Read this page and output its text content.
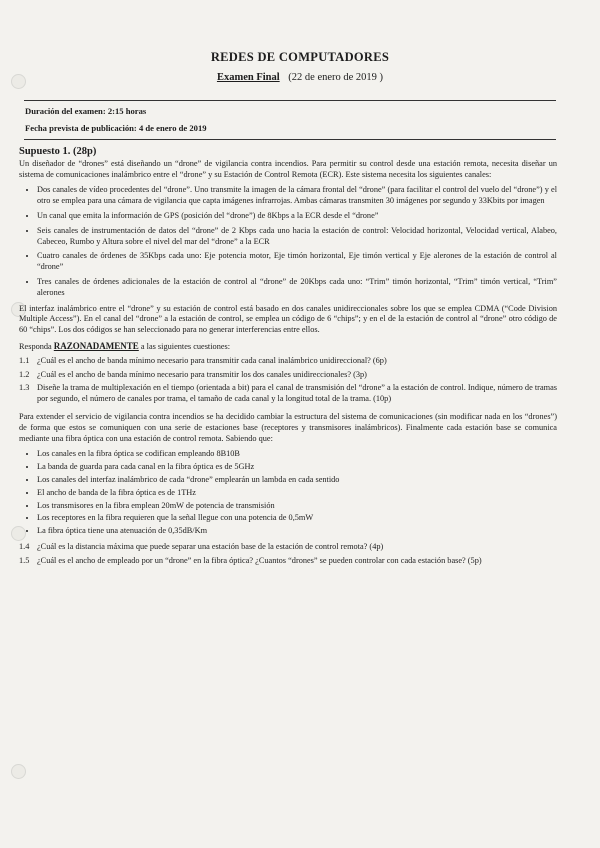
REDES DE COMPUTADORES
Examen Final (22 de enero de 2019 )
Duración del examen: 2:15 horas
Fecha prevista de publicación: 4 de enero de 2019
Supuesto 1. (28p)

Un diseñador de “drones” está diseñando un “drone” de vigilancia contra incendios. Para permitir su control desde una estación remota, necesita diseñar un sistema de comunicaciones inalámbrico entre el “drone” y su Estación de Control Remota (ECR). Este sistema necesita los siguientes canales:

• Dos canales de vídeo procedentes del “drone”. Uno transmite la imagen de la cámara frontal del “drone” (para facilitar el control del vuelo del “drone”) y el otro se emplea para una cámara de vigilancia que capta imágenes infrarrojas. Ambas cámaras transmiten 30 imágenes por segundo y 33Kbits por imagen
• Un canal que emita la información de GPS (posición del “drone”) de 8Kbps a la ECR desde el “drone”
• Seis canales de instrumentación de datos del “drone” de 2 Kbps cada uno hacia la estación de control: Velocidad horizontal, Velocidad vertical, Alabeo, Cabeceo, Rumbo y Altura sobre el nivel del mar del “drone” a la ECR
• Cuatro canales de órdenes de 35Kbps cada uno: Eje potencia motor, Eje timón horizontal, Eje timón vertical y Eje alerones de la estación de control al “drone”
• Tres canales de órdenes adicionales de la estación de control al “drone” de 20Kbps cada uno: “Trim” timón horizontal, “Trim” timón vertical, “Trim” alerones

El interfaz inalámbrico entre el “drone” y su estación de control está basado en dos canales unidireccionales sobre los que se emplea CDMA (“Code Division Multiple Access”). En el canal del “drone” a la estación de control, se emplea un código de 6 “chips”; y en el de la estación de control al “drone” otro código de 60 “chips”. Los dos códigos se han seleccionado para no generar interferencias entre ellos.

Responda RAZONADAMENTE a las siguientes cuestiones:

1.1 ¿Cuál es el ancho de banda mínimo necesario para transmitir cada canal inalámbrico unidireccional? (6p)
1.2 ¿Cuál es el ancho de banda mínimo necesario para transmitir los dos canales unidireccionales? (3p)
1.3 Diseñe la trama de multiplexación en el tiempo (orientada a bit) para el canal de transmisión del “drone” a la estación de control. Indique, número de tramas por segundo, el número de canales por trama, el tamaño de cada canal y la longitud total de la trama. (10p)

Para extender el servicio de vigilancia contra incendios se ha decidido cambiar la estructura del sistema de comunicaciones (sin modificar nada en los “drones”) de forma que estos se comuniquen con una serie de estaciones base (receptores y transmisores inalámbricos). Finalmente cada estación base se comunica mediante una fibra óptica con una estación de control remota. Sabiendo que:

• Los canales en la fibra óptica se codifican empleando 8B10B
• La banda de guarda para cada canal en la fibra óptica es de 5GHz
• Los canales del interfaz inalámbrico de cada “drone” emplearán un lambda en cada sentido
• El ancho de banda de la fibra óptica es de 1THz
• Los transmisores en la fibra emplean 20mW de potencia de transmisión
• Los receptores en la fibra requieren que la señal llegue con una potencia de 0,5mW
• La fibra óptica tiene una atenuación de 0,35dB/Km
1.4 ¿Cuál es la distancia máxima que puede separar una estación base de la estación de control remota? (4p)
1.5 ¿Cuál es el ancho de empleado por un “drone” en la fibra óptica? ¿Cuantos “drones” se pueden controlar con cada estación base? (5p)
